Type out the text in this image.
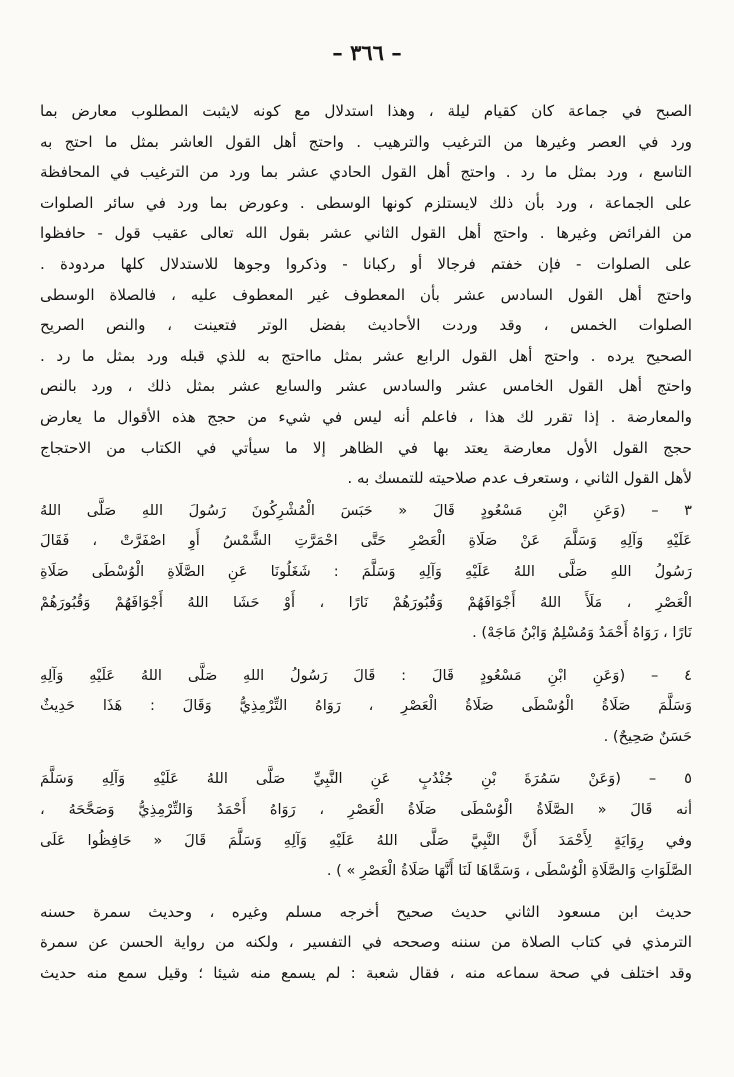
– ٣٦٦ –
الصبح في جماعة كان كقيام ليلة ، وهذا استدلال مع كونه لايثبت المطلوب معارض بما
ورد في العصر وغيرها من الترغيب والترهيب . واحتج أهل القول العاشر بمثل ما احتج به
التاسع ، ورد بمثل ما رد . واحتج أهل القول الحادي عشر بما ورد من الترغيب في المحافظة
على الجماعة ، ورد بأن ذلك لايستلزم كونها الوسطى . وعورض بما ورد في سائر الصلوات
من الفرائض وغيرها . واحتج أهل القول الثاني عشر بقول الله تعالى عقيب قول - حافظوا
على الصلوات - فإن خفتم فرجالا أو ركبانا - وذكروا وجوها للاستدلال كلها مردودة .
واحتج أهل القول السادس عشر بأن المعطوف غير المعطوف عليه ، فالصلاة الوسطى
الصلوات الخمس ، وقد وردت الأحاديث بفضل الوتر فتعينت ، والنص الصريح
الصحيح يرده . واحتج أهل القول الرابع عشر بمثل مااحتج به للذي قبله ورد بمثل ما رد .
واحتج أهل القول الخامس عشر والسادس عشر والسابع عشر بمثل ذلك ، ورد بالنص
والمعارضة . إذا تقرر لك هذا ، فاعلم أنه ليس في شيء من حجج هذه الأقوال ما يعارض
حجج القول الأول معارضة يعتد بها في الظاهر إلا ما سيأتي في الكتاب من الاحتجاج
لأهل القول الثاني ، وستعرف عدم صلاحيته للتمسك به .
٣ – (وَعَنِ ابْنِ مَسْعُودٍ قَالَ « حَبَسَ الْمُشْرِكُونَ رَسُولَ اللهِ صَلَّى اللهُ
عَلَيْهِ وَآلِهِ وَسَلَّمَ عَنْ صَلَاةِ الْعَصْرِ حَتَّى احْمَرَّتِ الشَّمْسُ أَوِ اصْفَرَّتْ ، فَقَالَ
رَسُولُ اللهِ صَلَّى اللهُ عَلَيْهِ وَآلِهِ وَسَلَّمَ : شَغَلُونَا عَنِ الصَّلَاةِ الْوُسْطَى صَلَاةِ
الْعَصْرِ ، مَلَأَ اللهُ أَجْوَافَهُمْ وَقُبُورَهُمْ نَارًا ، أَوْ حَشَا اللهُ أَجْوَافَهُمْ وَقُبُورَهُمْ
نَارًا ، رَوَاهُ أَحْمَدُ وَمُسْلِمٌ وَابْنُ مَاجَهْ) .
٤ – (وَعَنِ ابْنِ مَسْعُودٍ قَالَ : قَالَ رَسُولُ اللهِ صَلَّى اللهُ عَلَيْهِ وَآلِهِ
وَسَلَّمَ صَلَاةُ الْوُسْطَى صَلَاةُ الْعَصْرِ ، رَوَاهُ التِّرْمِذِيُّ وَقَالَ : هَذَا حَدِيثٌ
حَسَنٌ صَحِيحٌ) .
٥ – (وَعَنْ سَمُرَةَ بْنِ جُنْدُبٍ عَنِ النَّبِيِّ صَلَّى اللهُ عَلَيْهِ وَآلِهِ وَسَلَّمَ
أنه قَالَ « الصَّلَاةُ الْوُسْطَى صَلَاةُ الْعَصْرِ ، رَوَاهُ أَحْمَدُ وَالتِّرْمِذِيُّ وَصَحَّحَهُ ،
وفي رِوَايَةٍ لِأَحْمَدَ أَنَّ النَّبِيَّ صَلَّى اللهُ عَلَيْهِ وَآلِهِ وَسَلَّمَ قَالَ « حَافِظُوا عَلَى
الصَّلَوَاتِ وَالصَّلَاةِ الْوُسْطَى ، وَسَمَّاهَا لَنَا أَنَّهَا صَلَاةُ الْعَصْرِ » ) .
حديث ابن مسعود الثاني حديث صحيح أخرجه مسلم وغيره ، وحديث سمرة حسنه
الترمذي في كتاب الصلاة من سننه وصححه في التفسير ، ولكنه من رواية الحسن عن سمرة
وقد اختلف في صحة سماعه منه ، فقال شعبة : لم يسمع منه شيئا ؛ وقيل سمع منه حديث
